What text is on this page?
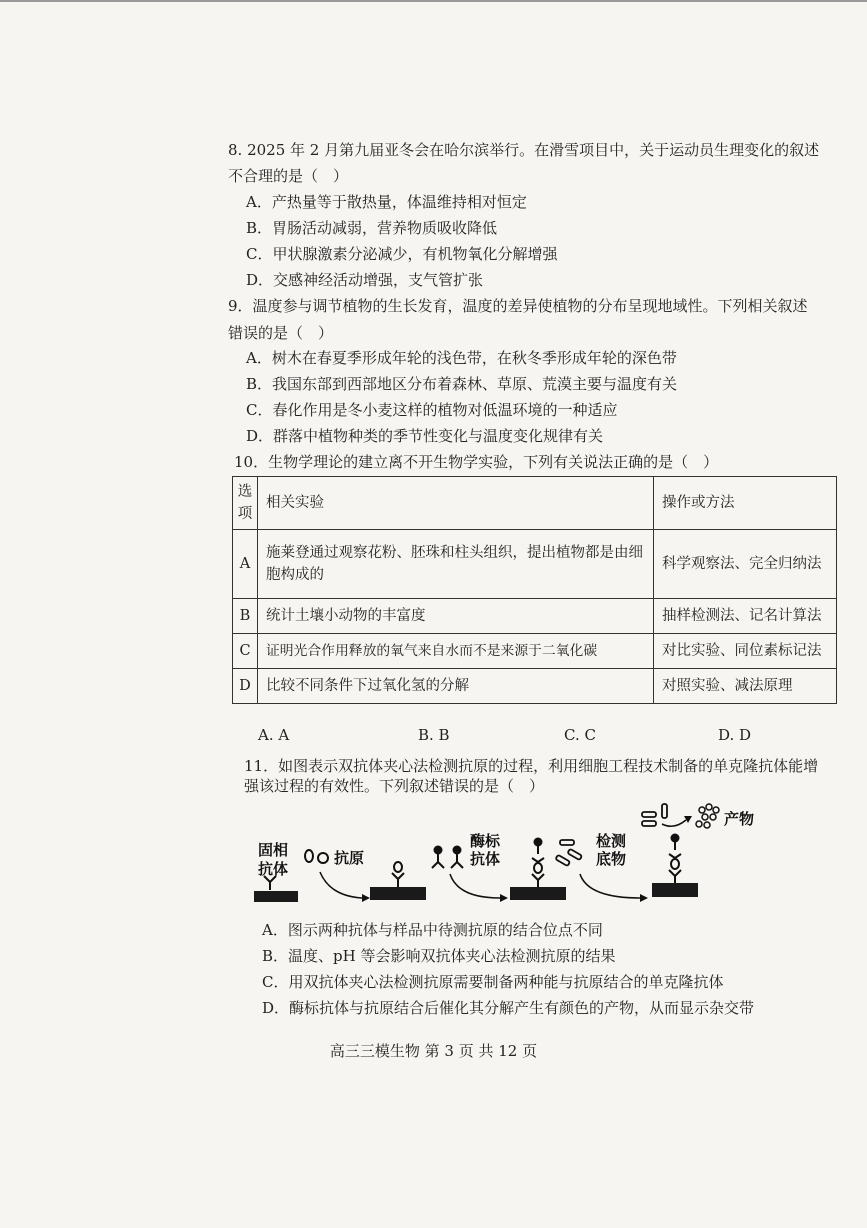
8. 2025 年 2 月第九届亚冬会在哈尔滨举行。在滑雪项目中，关于运动员生理变化的叙述
不合理的是（　）
A．产热量等于散热量，体温维持相对恒定
B．胃肠活动减弱，营养物质吸收降低
C．甲状腺激素分泌减少，有机物氧化分解增强
D．交感神经活动增强，支气管扩张
9．温度参与调节植物的生长发育，温度的差异使植物的分布呈现地域性。下列相关叙述
错误的是（　）
A．树木在春夏季形成年轮的浅色带，在秋冬季形成年轮的深色带
B．我国东部到西部地区分布着森林、草原、荒漠主要与温度有关
C．春化作用是冬小麦这样的植物对低温环境的一种适应
D．群落中植物种类的季节性变化与温度变化规律有关
10．生物学理论的建立离不开生物学实验，下列有关说法正确的是（　）
选项	相关实验	操作或方法
A	施莱登通过观察花粉、胚珠和柱头组织，提出植物都是由细胞构成的	科学观察法、完全归纳法
B	统计土壤小动物的丰富度	抽样检测法、记名计算法
C	证明光合作用释放的氧气来自水而不是来源于二氧化碳	对比实验、同位素标记法
D	比较不同条件下过氧化氢的分解	对照实验、减法原理
A. A	B. B	C. C	D. D
11．如图表示双抗体夹心法检测抗原的过程，利用细胞工程技术制备的单克隆抗体能增
强该过程的有效性。下列叙述错误的是（　）
固相
抗体
抗原
酶标
抗体
检测
底物
产物
A．图示两种抗体与样品中待测抗原的结合位点不同
B．温度、pH 等会影响双抗体夹心法检测抗原的结果
C．用双抗体夹心法检测抗原需要制备两种能与抗原结合的单克隆抗体
D．酶标抗体与抗原结合后催化其分解产生有颜色的产物，从而显示杂交带
高三三模生物 第 3 页 共 12 页
